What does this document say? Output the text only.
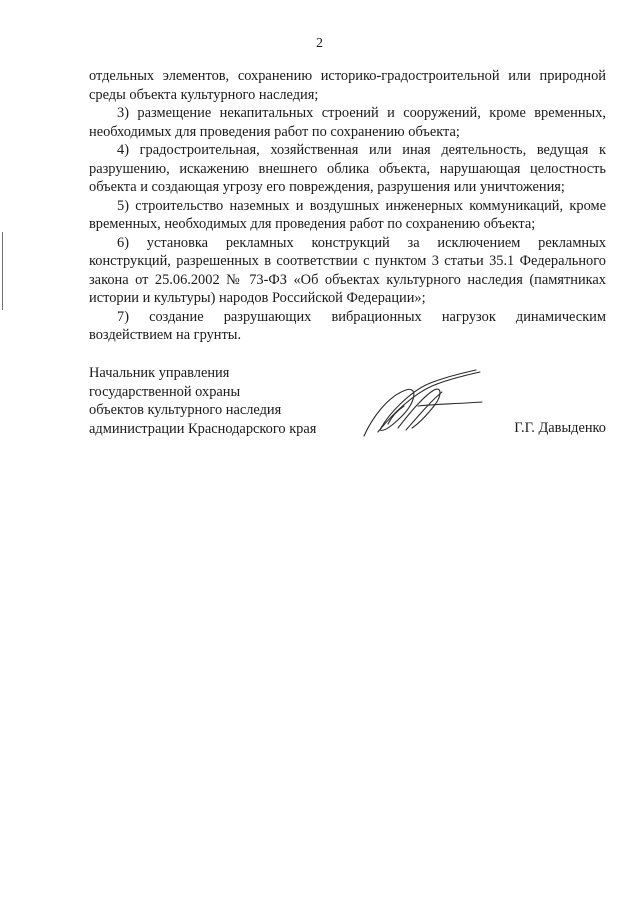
2

отдельных элементов, сохранению историко-градостроительной или природной среды объекта культурного наследия;

3) размещение некапитальных строений и сооружений, кроме временных, необходимых для проведения работ по сохранению объекта;

4) градостроительная, хозяйственная или иная деятельность, ведущая к разрушению, искажению внешнего облика объекта, нарушающая целостность объекта и создающая угрозу его повреждения, разрушения или уничтожения;

5) строительство наземных и воздушных инженерных коммуникаций, кроме временных, необходимых для проведения работ по сохранению объекта;

6) установка рекламных конструкций за исключением рекламных конструкций, разрешенных в соответствии с пунктом 3 статьи 35.1 Федерального закона от 25.06.2002 № 73-ФЗ «Об объектах культурного наследия (памятниках истории и культуры) народов Российской Федерации»;

7) создание разрушающих вибрационных нагрузок динамическим воздействием на грунты.

Начальник управления
государственной охраны
объектов культурного наследия
администрации Краснодарского края	Г.Г. Давыденко
